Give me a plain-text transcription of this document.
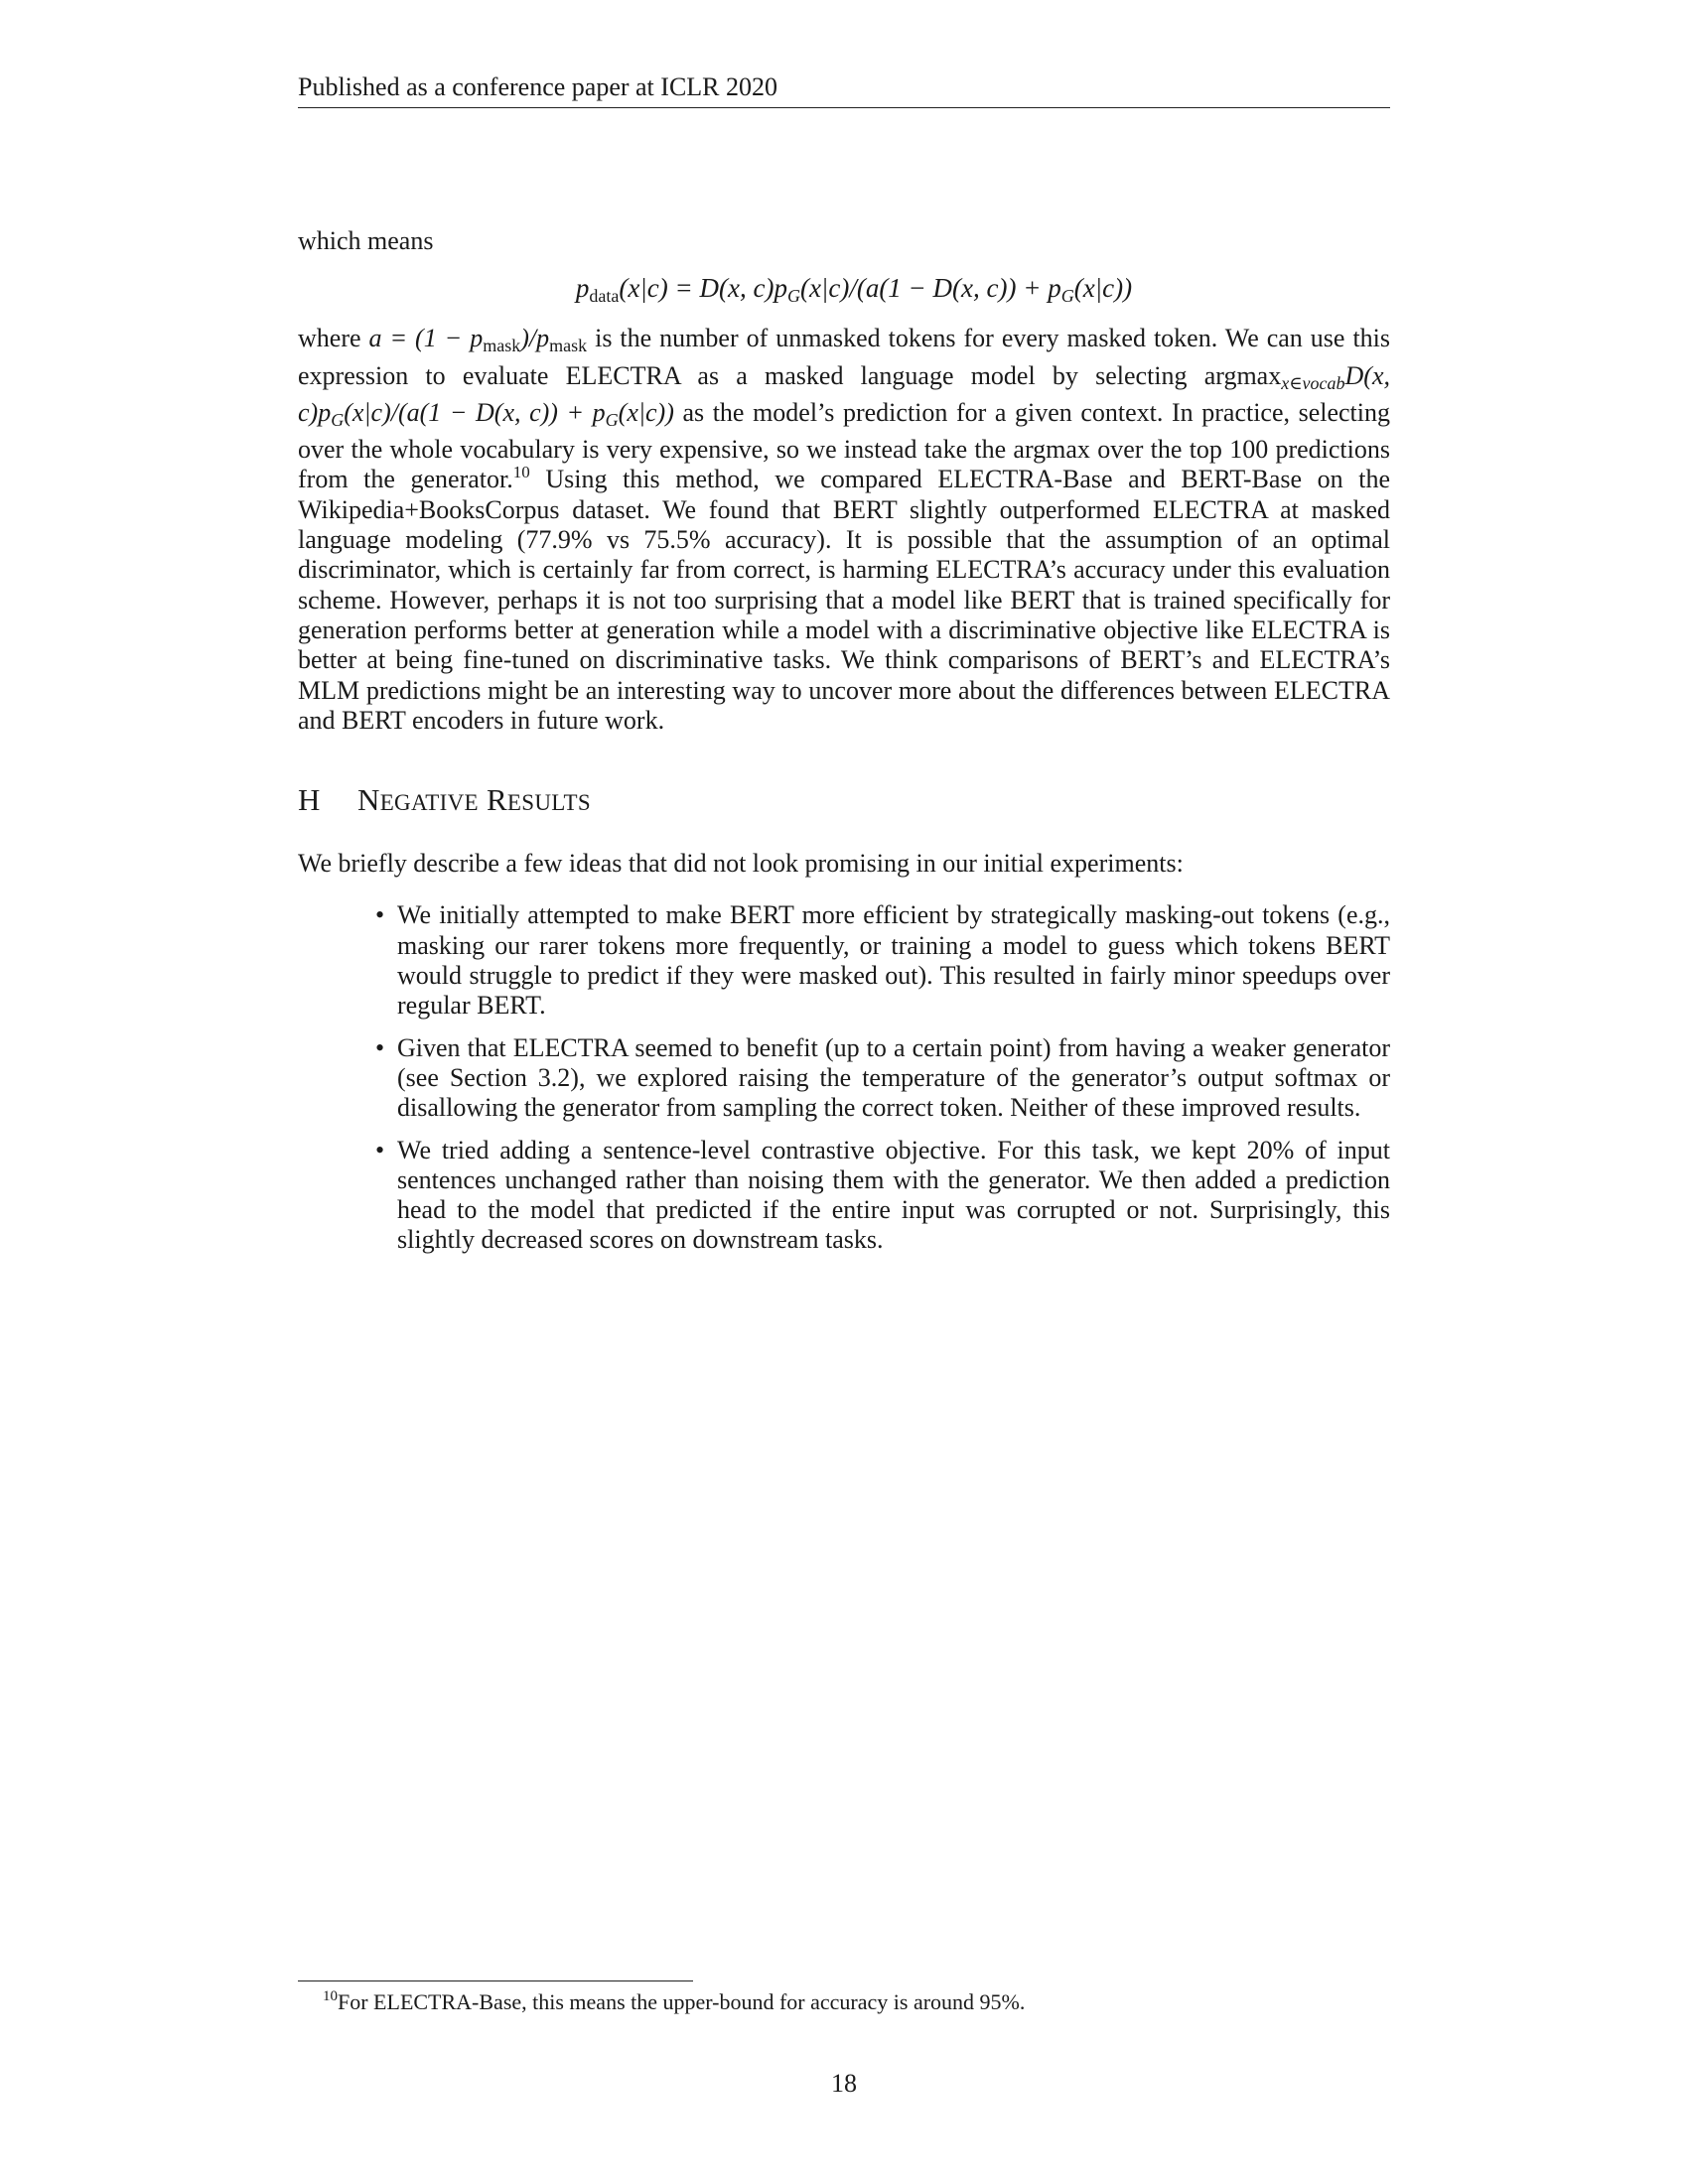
Published as a conference paper at ICLR 2020

which means

$p_{data}(x|c) = D(x$, c)pG(x|c)/(a(1 − D(x, c)) + pG(x|c))

where $a = (1 - p_{mask})/p_{mask}$ is the number of unmasked tokens for every masked token. We can use this expression to evaluate ELECTRA as a masked language model by selecting argmaxx∈vocabD(x, c)pG(x|c)/(a(1 − D(x, c)) + pG(x|c)) as the model’s prediction for a given context. In practice, selecting over the whole vocabulary is very expensive, so we instead take the argmax over the top 100 predictions from the generator.$^{10}$ Using this method, we compared ELECTRA-Base and BERT-Base on the Wikipedia+BooksCorpus dataset. We found that BERT slightly outperformed ELECTRA at masked language modeling (77.9% vs 75.5% accuracy). It is possible that the assumption of an optimal discriminator, which is certainly far from correct, is harming ELECTRA’s accuracy under this evaluation scheme. However, perhaps it is not too surprising that a model like BERT that is trained specifically for generation performs better at generation while a model with a discriminative objective like ELECTRA is better at being fine-tuned on discriminative tasks. We think comparisons of BERT’s and ELECTRA’s MLM predictions might be an interesting way to uncover more about the differences between ELECTRA and BERT encoders in future work.

H NEGATIVE RESULTS

We briefly describe a few ideas that did not look promising in our initial experiments:

• We initially attempted to make BERT more efficient by strategically masking-out tokens (e.g., masking our rarer tokens more frequently, or training a model to guess which tokens BERT would struggle to predict if they were masked out). This resulted in fairly minor speedups over regular BERT.

• Given that ELECTRA seemed to benefit (up to a certain point) from having a weaker generator (see Section 3.2), we explored raising the temperature of the generator’s output softmax or disallowing the generator from sampling the correct token. Neither of these improved results.

• We tried adding a sentence-level contrastive objective. For this task, we kept 20% of input sentences unchanged rather than noising them with the generator. We then added a prediction head to the model that predicted if the entire input was corrupted or not. Surprisingly, this slightly decreased scores on downstream tasks.

$^{10}$For ELECTRA-Base, this means the upper-bound for accuracy is around 95%.
18
